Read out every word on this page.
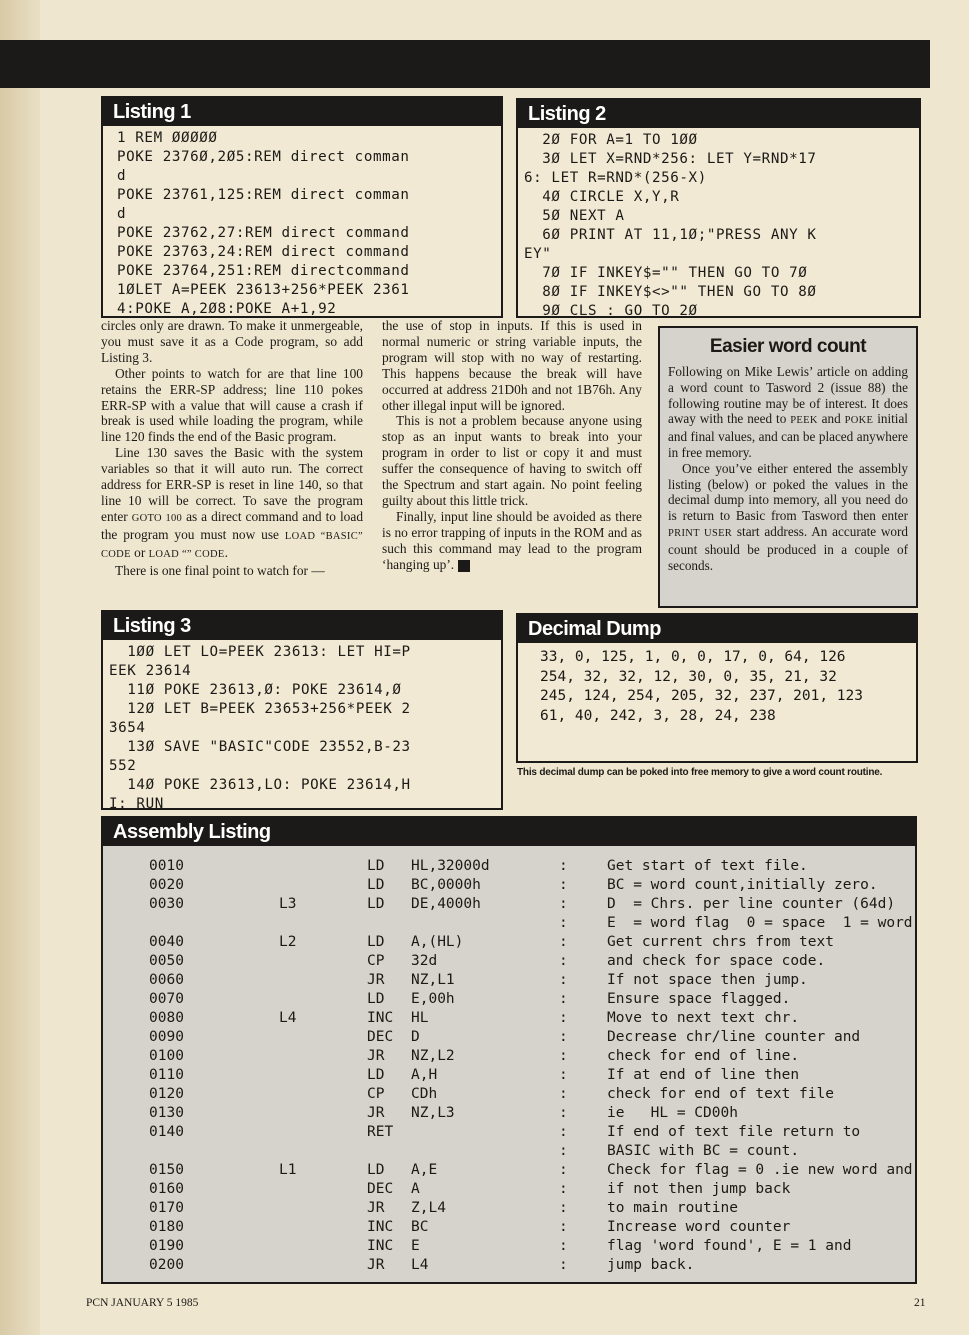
Listing 1
1 REM ØØØØØ
POKE 2376Ø,2Ø5:REM direct comman
d
POKE 23761,125:REM direct comman
d
POKE 23762,27:REM direct command
POKE 23763,24:REM direct command
POKE 23764,251:REM directcommand
1ØLET A=PEEK 23613+256*PEEK 2361
4:POKE A,2Ø8:POKE A+1,92
Listing 2
2Ø FOR A=1 TO 1ØØ
3Ø LET X=RND*256: LET Y=RND*17
6: LET R=RND*(256-X)
4Ø CIRCLE X,Y,R
5Ø NEXT A
6Ø PRINT AT 11,1Ø;"PRESS ANY K
EY"
7Ø IF INKEY$="" THEN GO TO 7Ø
8Ø IF INKEY$<>"" THEN GO TO 8Ø
9Ø CLS : GO TO 2Ø

circles only are drawn. To make it unmergeable, you must save it as a Code program, so add Listing 3.

Other points to watch for are that line 100 retains the ERR-SP address; line 110 pokes ERR-SP with a value that will cause a crash if break is used while loading the program, while line 120 finds the end of the Basic program.

Line 130 saves the Basic with the system variables so that it will auto run. The correct address for ERR-SP is reset in line 140, so that line 10 will be correct. To save the program enter GOTO 100 as a direct command and to load the program you must now use LOAD “BASIC” CODE or LOAD “” CODE.

There is one final point to watch for —

the use of stop in inputs. If this is used in normal numeric or string variable inputs, the program will stop with no way of restarting. This happens because the break will have occurred at address 21D0h and not 1B76h. Any other illegal input will be ignored.

This is not a problem because anyone using stop as an input wants to break into your program in order to list or copy it and must suffer the consequence of having to switch off the Spectrum and start again. No point feeling guilty about this little trick.

Finally, input line should be avoided as there is no error trapping of inputs in the ROM and as such this command may lead to the program ‘hanging up’.

Easier word count

Following on Mike Lewis’ article on adding a word count to Tasword 2 (issue 88) the following routine may be of interest. It does away with the need to PEEK and POKE initial and final values, and can be placed anywhere in free memory.

Once you’ve either entered the assembly listing (below) or poked the values in the decimal dump into memory, all you need do is return to Basic from Tasword then enter PRINT USER start address. An accurate word count should be produced in a couple of seconds.

Listing 3
1ØØ LET LO=PEEK 23613: LET HI=P
EEK 23614
11Ø POKE 23613,Ø: POKE 23614,Ø
12Ø LET B=PEEK 23653+256*PEEK 2
3654
13Ø SAVE "BASIC"CODE 23552,B-23
552
14Ø POKE 23613,LO: POKE 23614,H
I: RUN
Decimal Dump
33, 0, 125, 1, 0, 0, 17, 0, 64, 126
254, 32, 32, 12, 30, 0, 35, 21, 32
245, 124, 254, 205, 32, 237, 201, 123
61, 40, 242, 3, 28, 24, 238
This decimal dump can be poked into free memory to give a word count routine.
Assembly Listing
0010	LD	HL,32000d	:	Get start of text file.
0020	LD	BC,0000h	:	BC = word count,initially zero.
0030	L3	LD	DE,4000h	:	D  = Chrs. per line counter (64d)
:	E  = word flag  0 = space  1 = word
0040	L2	LD	A,(HL)	:	Get current chrs from text
0050	CP	32d	:	and check for space code.
0060	JR	NZ,L1	:	If not space then jump.
0070	LD	E,00h	:	Ensure space flagged.
0080	L4	INC	HL	:	Move to next text chr.
0090	DEC	D	:	Decrease chr/line counter and
0100	JR	NZ,L2	:	check for end of line.
0110	LD	A,H	:	If at end of line then
0120	CP	CDh	:	check for end of text file
0130	JR	NZ,L3	:	ie   HL = CD00h
0140	RET	:	If end of text file return to
:	BASIC with BC = count.
0150	L1	LD	A,E	:	Check for flag = 0 .ie new word and
0160	DEC	A	:	if not then jump back
0170	JR	Z,L4	:	to main routine
0180	INC	BC	:	Increase word counter
0190	INC	E	:	flag 'word found', E = 1 and
0200	JR	L4	:	jump back.
PCN JANUARY 5 1985	21
